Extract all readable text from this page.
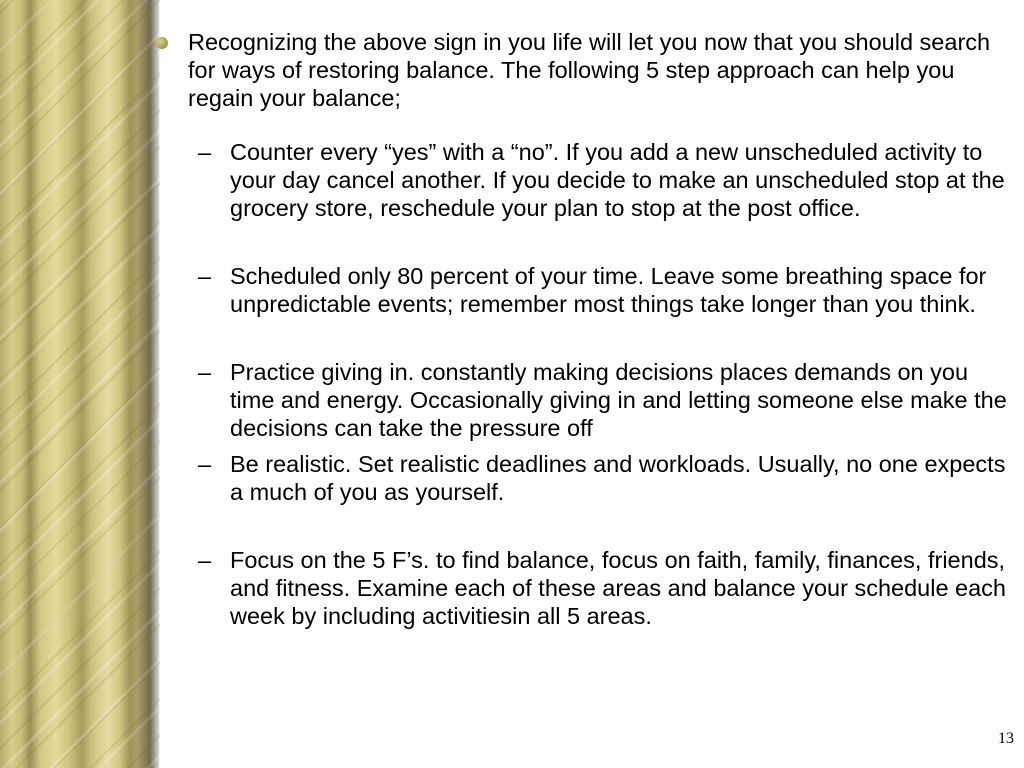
Recognizing the above sign in you life will let you now that you should search for ways of restoring balance. The following 5 step approach can help you regain your balance;
– Counter every “yes” with a “no”. If you add a new unscheduled activity to your day cancel another. If you decide to make an unscheduled stop at the grocery store, reschedule your plan to stop at the post office.
– Scheduled only 80 percent of your time. Leave some breathing space for unpredictable events; remember most things take longer than you think.
– Practice giving in. constantly making decisions places demands on you time and energy. Occasionally giving in and letting someone else make the decisions can take the pressure off
– Be realistic. Set realistic deadlines and workloads. Usually, no one expects a much of you as yourself.
– Focus on the 5 F’s. to find balance, focus on faith, family, finances, friends, and fitness. Examine each of these areas and balance your schedule each week by including activitiesin all 5 areas.
13
